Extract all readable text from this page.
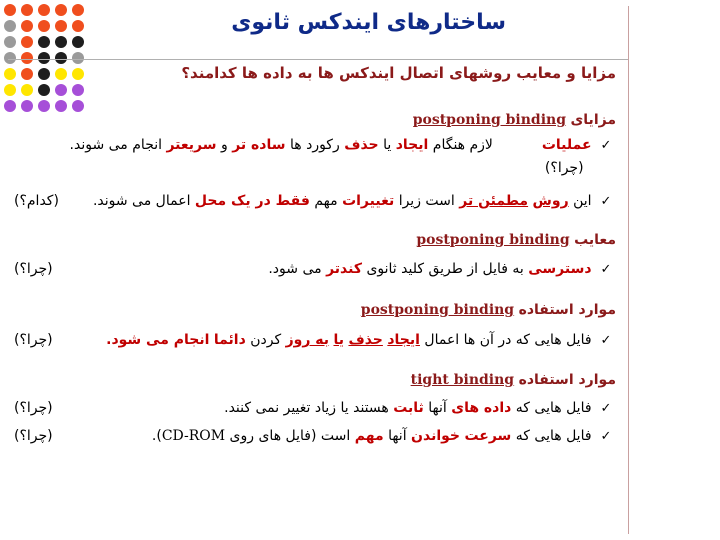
ساختارهای ایندکس ثانوی
مزایا و معایب روشهای اتصال ایندکس ها به داده ها کدامند؟
مزایای postponing binding
✓ عملیات  لازم هنگام ایجاد یا حذف رکورد ها ساده تر و سریعتر انجام می شوند.
(چرا؟)
✓ این روش مطمئن تر است زیرا تغییرات مهم فقط در یک محل اعمال می شوند.
(کدام؟)
معایب postponing binding
✓ دسترسی به فایل از طریق کلید ثانوی کندتر می شود.
(چرا؟)
موارد استفاده postponing binding
✓ فایل هایی که در آن ها اعمال ایجاد حذف یا به روز کردن دائما انجام می شود.
(چرا؟)
موارد استفاده tight binding
✓ فایل هایی که داده های آنها ثابت هستند یا زیاد تغییر نمی کنند.
(چرا؟)
✓ فایل هایی که سرعت خواندن آنها مهم است (فایل های روی CD-ROM).
(چرا؟)
